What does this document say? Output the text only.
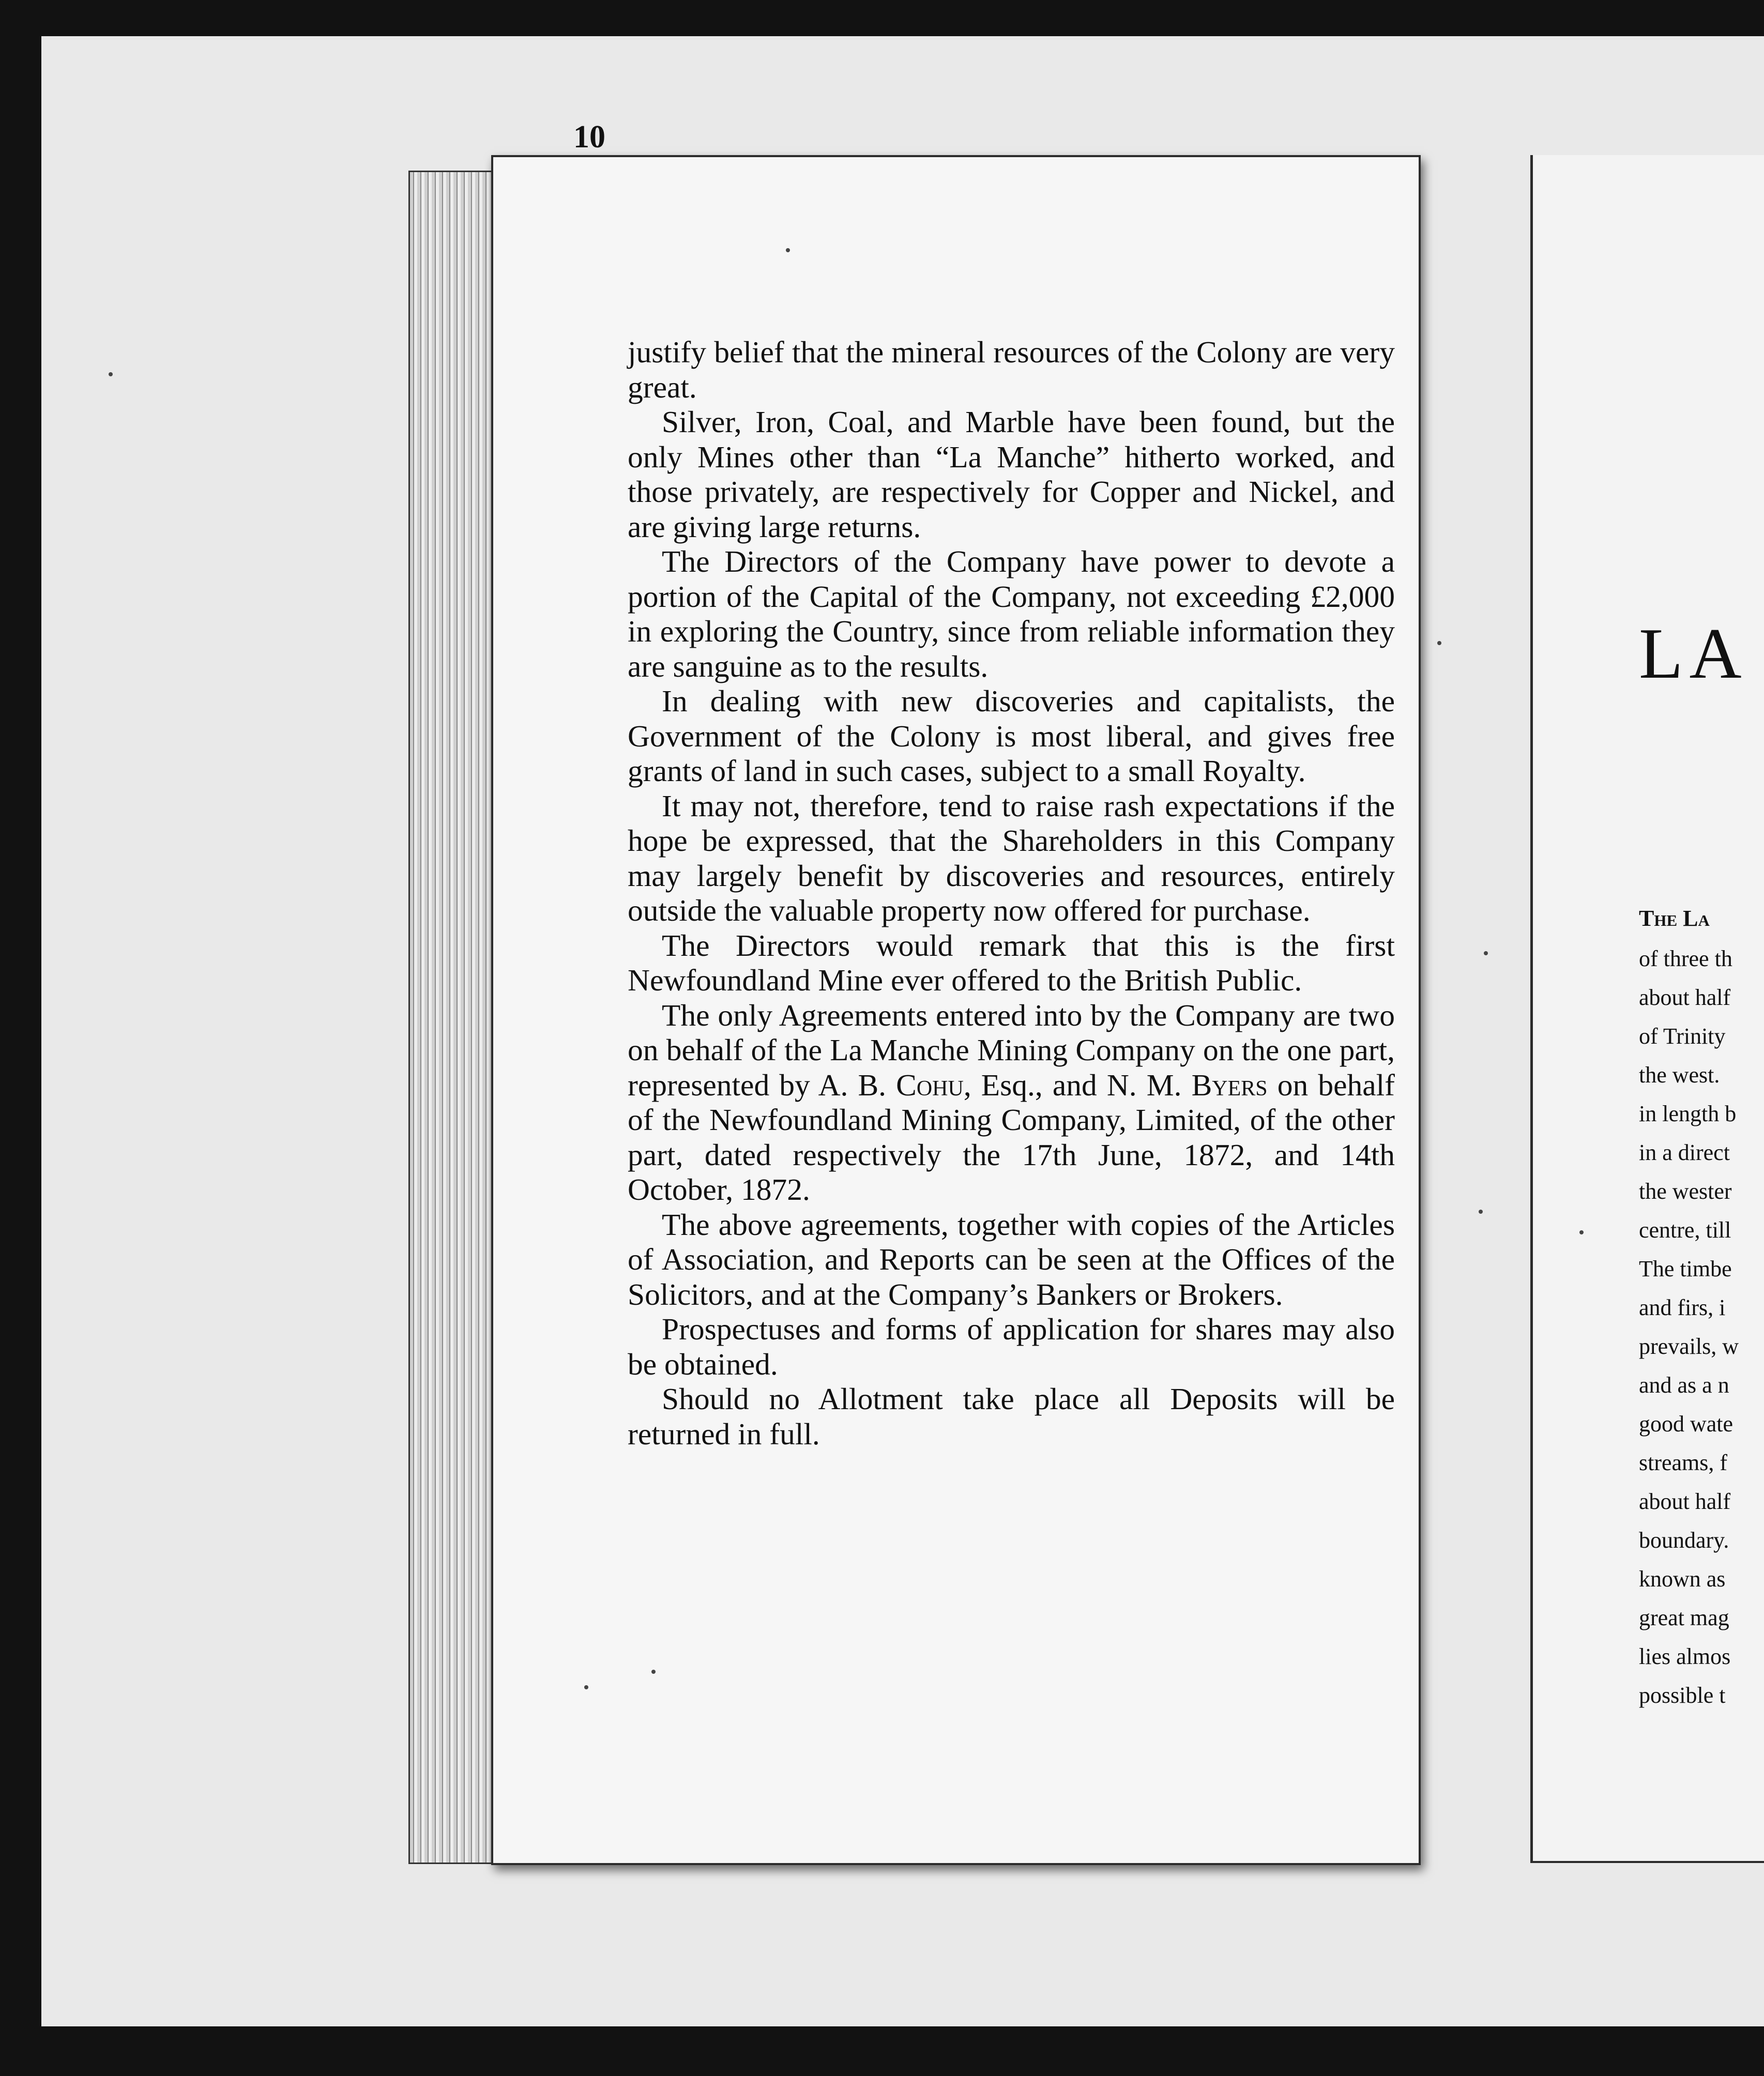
10

justify belief that the mineral resources of the Colony are very great.

Silver, Iron, Coal, and Marble have been found, but the only Mines other than “La Manche” hitherto worked, and those privately, are respectively for Copper and Nickel, and are giving large returns.

The Directors of the Company have power to devote a portion of the Capital of the Company, not exceeding £2,000 in exploring the Country, since from reliable information they are sanguine as to the results.

In dealing with new discoveries and capitalists, the Government of the Colony is most liberal, and gives free grants of land in such cases, subject to a small Royalty.

It may not, therefore, tend to raise rash expectations if the hope be expressed, that the Shareholders in this Company may largely benefit by discoveries and resources, entirely outside the valuable property now offered for purchase.

The Directors would remark that this is the first Newfoundland Mine ever offered to the British Public.

The only Agreements entered into by the Company are two on behalf of the La Manche Mining Company on the one part, represented by A. B. Cohu, Esq., and N. M. Byers on behalf of the Newfoundland Mining Company, Limited, of the other part, dated respectively the 17th June, 1872, and 14th October, 1872.

The above agreements, together with copies of the Articles of Association, and Reports can be seen at the Offices of the Solicitors, and at the Company’s Bankers or Brokers.

Prospectuses and forms of application for shares may also be obtained.

Should no Allotment take place all Deposits will be returned in full.

LA
The La
of three th
about half
of Trinity
the west.
in length b
in a direct
the wester
centre, till
The timbe
and firs, i
prevails, w
and as a n
good wate
streams, f
about half
boundary.
known as
great mag
lies almos
possible t
